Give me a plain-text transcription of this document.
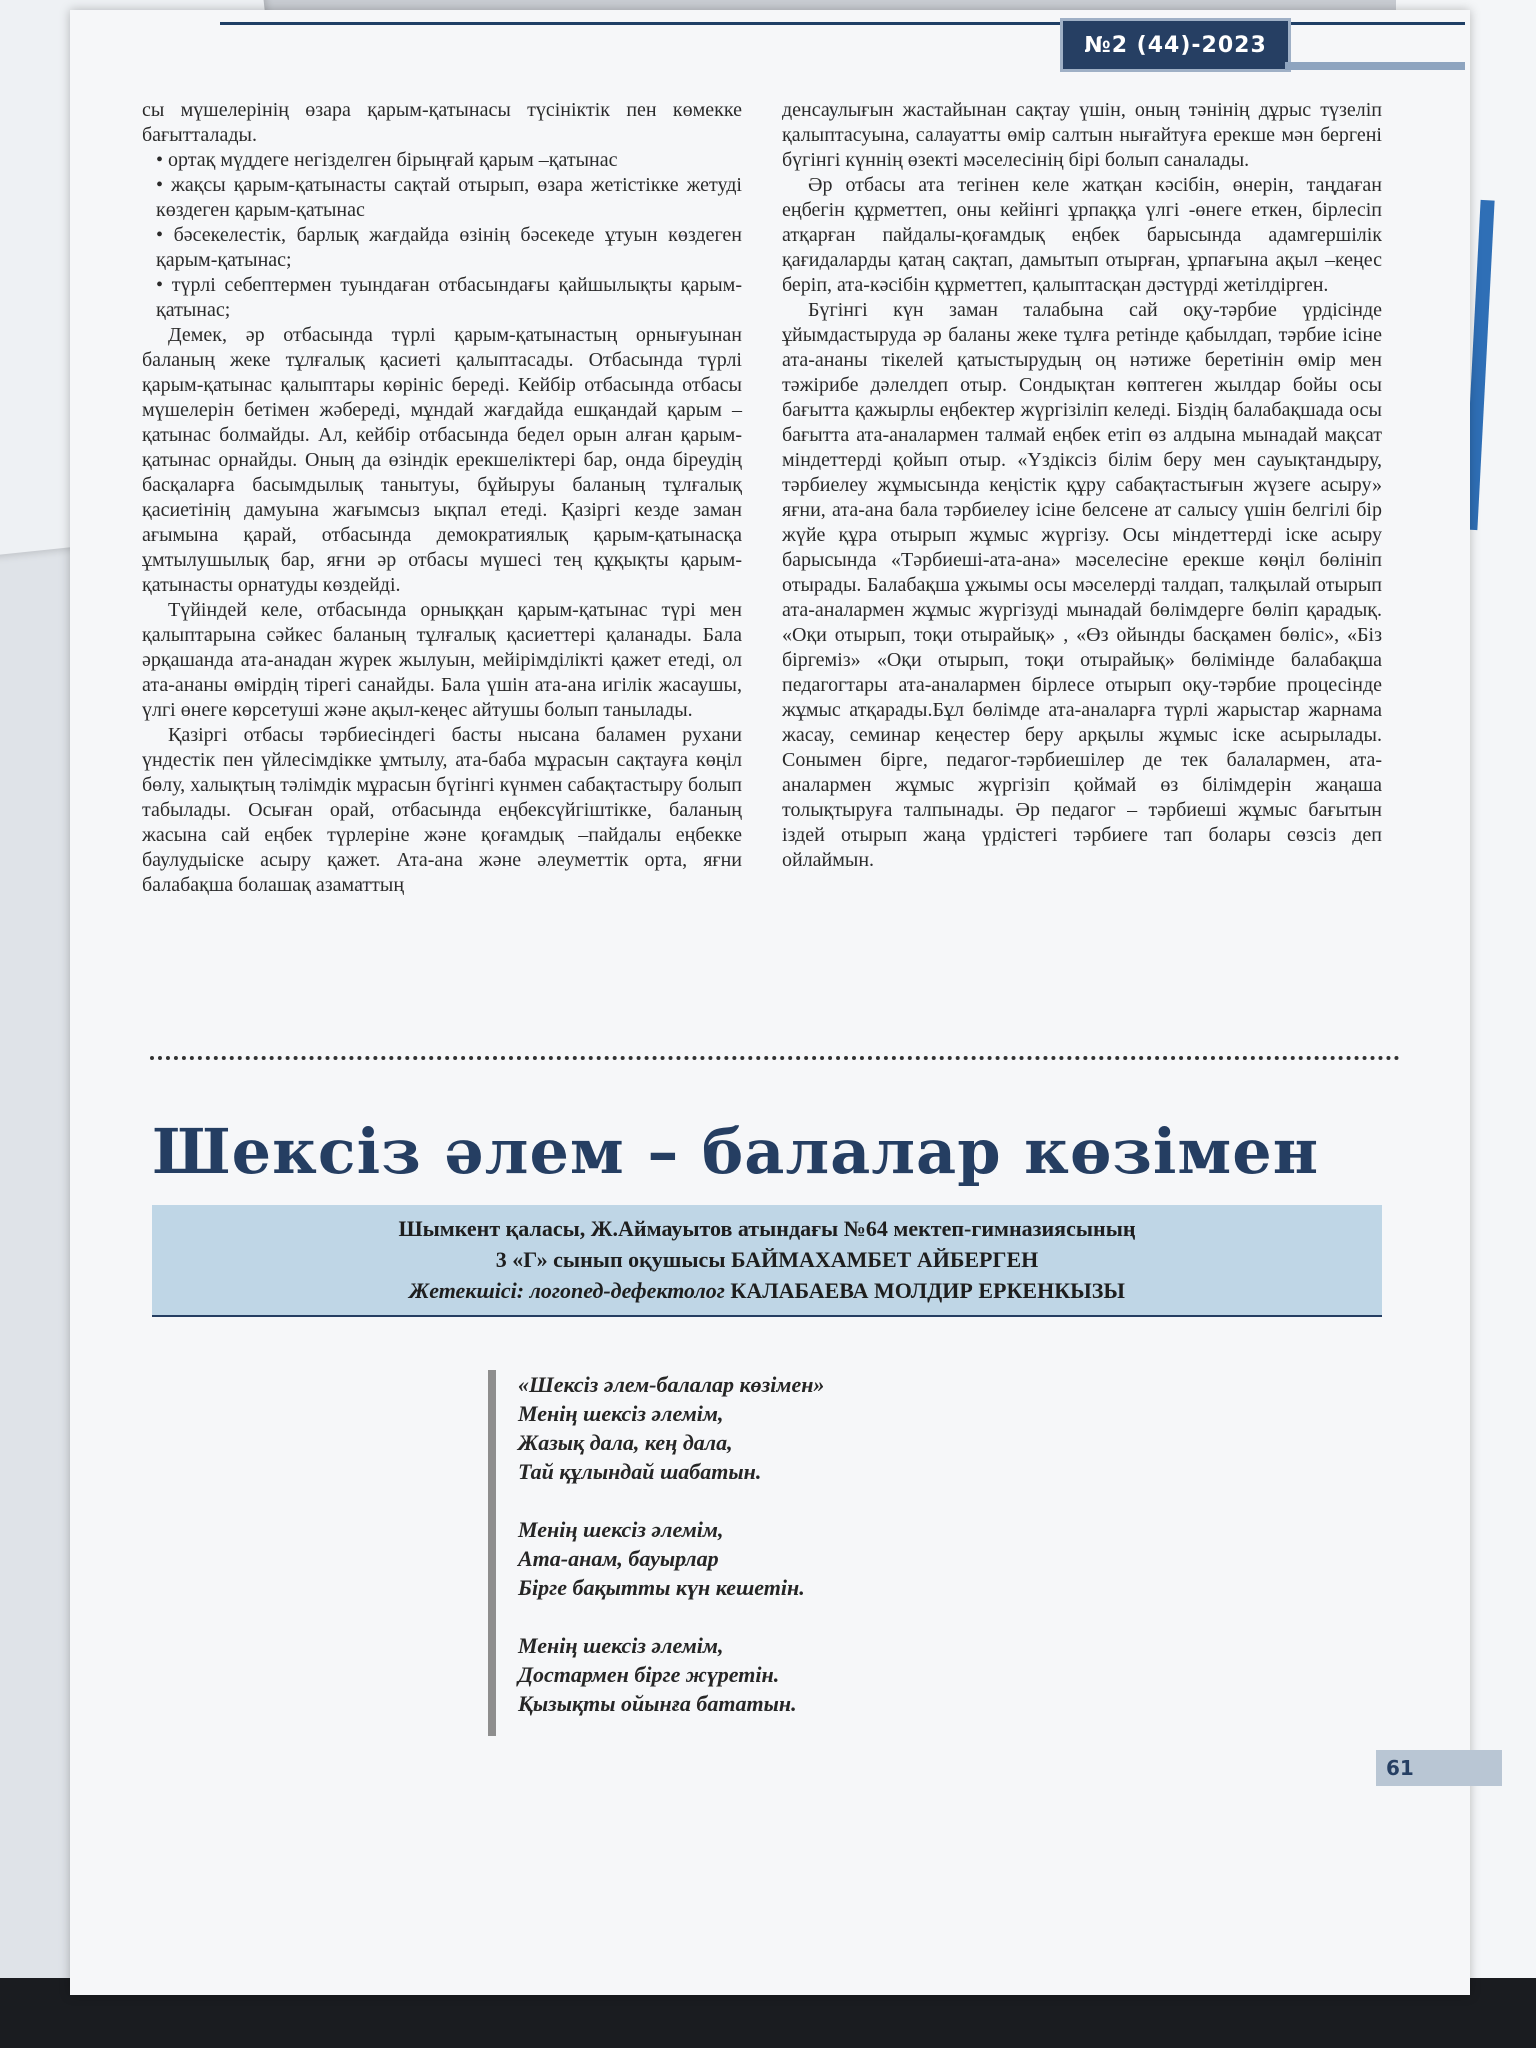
№2 (44)-2023

сы мүшелерінің өзара қарым-қатынасы түсініктік пен көмекке бағытталады.

• ортақ мүддеге негізделген бірыңғай қарым –қатынас

• жақсы қарым-қатынасты сақтай отырып, өзара жетістікке жетуді көздеген қарым-қатынас

• бәсекелестік, барлық жағдайда өзінің бәсекеде ұтуын көздеген қарым-қатынас;

• түрлі себептермен туындаған отбасындағы қайшылықты қарым-қатынас;

Демек, әр отбасында түрлі қарым-қатынастың орнығуынан баланың жеке тұлғалық қасиеті қалыптасады. Отбасында түрлі қарым-қатынас қалыптары көрініс береді. Кейбір отбасында отбасы мүшелерін бетімен жәбереді, мұндай жағдайда ешқандай қарым – қатынас болмайды. Ал, кейбір отбасында бедел орын алған қарым-қатынас орнайды. Оның да өзіндік ерекшеліктері бар, онда біреудің басқаларға басымдылық танытуы, бұйыруы баланың тұлғалық қасиетінің дамуына жағымсыз ықпал етеді. Қазіргі кезде заман ағымына қарай, отбасында демократиялық қарым-қатынасқа ұмтылушылық бар, яғни әр отбасы мүшесі тең құқықты қарым-қатынасты орнатуды көздейді.

Түйіндей келе, отбасында орныққан қарым-қатынас түрі мен қалыптарына сәйкес баланың тұлғалық қасиеттері қаланады. Бала әрқашанда ата-анадан жүрек жылуын, мейірімділікті қажет етеді, ол ата-ананы өмірдің тірегі санайды. Бала үшін ата-ана игілік жасаушы, үлгі өнеге көрсетуші және ақыл-кеңес айтушы болып танылады.

Қазіргі отбасы тәрбиесіндегі басты нысана баламен рухани үндестік пен үйлесімдікке ұмтылу, ата-баба мұрасын сақтауға көңіл бөлу, халықтың тәлімдік мұрасын бүгінгі күнмен сабақтастыру болып табылады. Осыған орай, отбасында еңбексүйгіштікке, баланың жасына сай еңбек түрлеріне және қоғамдық –пайдалы еңбекке баулудыіске асыру қажет. Ата-ана және әлеуметтік орта, яғни балабақша болашақ азаматтың

денсаулығын жастайынан сақтау үшін, оның тәнінің дұрыс түзеліп қалыптасуына, салауатты өмір салтын нығайтуға ерекше мән бергені бүгінгі күннің өзекті мәселесінің бірі болып саналады.

Әр отбасы ата тегінен келе жатқан кәсібін, өнерін, таңдаған еңбегін құрметтеп, оны кейінгі ұрпаққа үлгі -өнеге еткен, бірлесіп атқарған пайдалы-қоғамдық еңбек барысында адамгершілік қағидаларды қатаң сақтап, дамытып отырған, ұрпағына ақыл –кеңес беріп, ата-кәсібін құрметтеп, қалыптасқан дәстүрді жетілдірген.

Бүгінгі күн заман талабына сай оқу-тәрбие үрдісінде ұйымдастыруда әр баланы жеке тұлға ретінде қабылдап, тәрбие ісіне ата-ананы тікелей қатыстырудың оң нәтиже беретінін өмір мен тәжірибе дәлелдеп отыр. Сондықтан көптеген жылдар бойы осы бағытта қажырлы еңбектер жүргізіліп келеді. Біздің балабақшада осы бағытта ата-аналармен талмай еңбек етіп өз алдына мынадай мақсат міндеттерді қойып отыр. «Үздіксіз білім беру мен сауықтандыру, тәрбиелеу жұмысында кеңістік құру сабақтастығын жүзеге асыру» яғни, ата-ана бала тәрбиелеу ісіне белсене ат салысу үшін белгілі бір жүйе құра отырып жұмыс жүргізу. Осы міндеттерді іске асыру барысында «Тәрбиеші-ата-ана» мәселесіне ерекше көңіл бөлініп отырады. Балабақша ұжымы осы мәселерді талдап, талқылай отырып ата-аналармен жұмыс жүргізуді мынадай бөлімдерге бөліп қарадық. «Оқи отырып, тоқи отырайық» , «Өз ойынды басқамен бөліс», «Біз біргеміз» «Оқи отырып, тоқи отырайық» бөлімінде балабақша педагогтары ата-аналармен бірлесе отырып оқу-тәрбие процесінде жұмыс атқарады.Бұл бөлімде ата-аналарға түрлі жарыстар жарнама жасау, семинар кеңестер беру арқылы жұмыс іске асырылады. Сонымен бірге, педагог-тәрбиешілер де тек балалармен, ата-аналармен жұмыс жүргізіп қоймай өз білімдерін жаңаша толықтыруға талпынады. Әр педагог – тәрбиеші жұмыс бағытын іздей отырып жаңа үрдістегі тәрбиеге тап болары сөзсіз деп ойлаймын.

Шексіз әлем – балалар көзімен
Шымкент қаласы, Ж.Аймауытов атындағы №64 мектеп-гимназиясының
3 «Г» сынып оқушысы БАЙМАХАМБЕТ АЙБЕРГЕН
Жетекшісі: логопед-дефектолог КАЛАБАЕВА МОЛДИР ЕРКЕНКЫЗЫ
«Шексіз әлем-балалар көзімен»
Менің шексіз әлемім,
Жазық дала, кең дала,
Тай құлындай шабатын.
Менің шексіз әлемім,
Ата-анам, бауырлар
Бірге бақытты күн кешетін.
Менің шексіз әлемім,
Достармен бірге жүретін.
Қызықты ойынға бататын.
61
